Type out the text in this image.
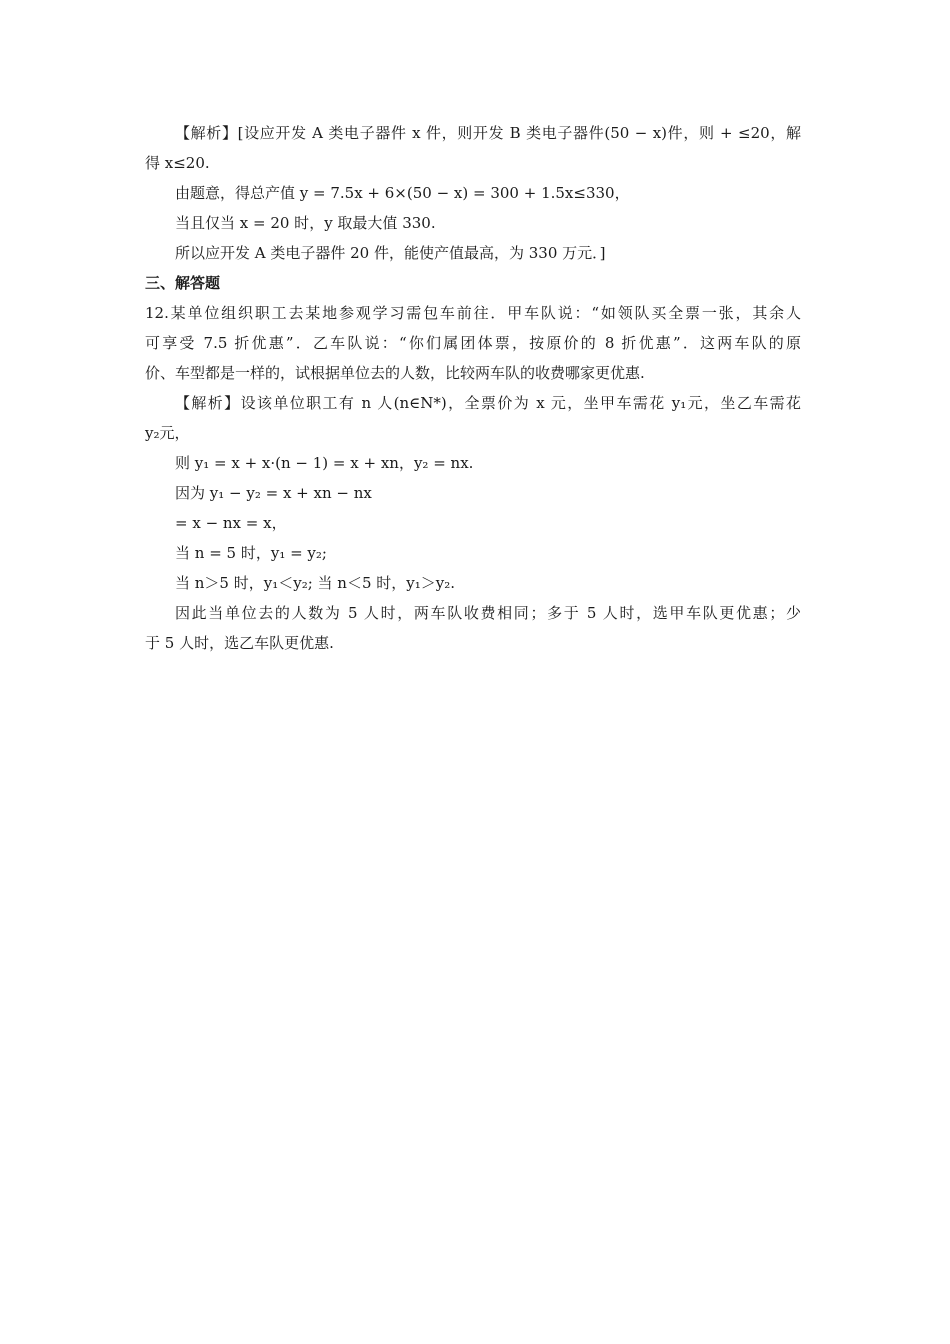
【解析】[设应开发 A 类电子器件 x 件，则开发 B 类电子器件(50 − x)件，则 + ≤20，解
得 x≤20.
由题意，得总产值 y = 7.5x + 6×(50 − x) = 300 + 1.5x≤330，
当且仅当 x = 20 时，y 取最大值 330.
所以应开发 A 类电子器件 20 件，能使产值最高，为 330 万元．]
三、解答题
12.某单位组织职工去某地参观学习需包车前往．甲车队说：“如领队买全票一张，其余人
可享受 7.5 折优惠”．乙车队说：“你们属团体票，按原价的 8 折优惠”．这两车队的原
价、车型都是一样的，试根据单位去的人数，比较两车队的收费哪家更优惠.
【解析】设该单位职工有 n 人(n∈N*)，全票价为 x 元，坐甲车需花 y₁元，坐乙车需花
y₂元，
则 y₁ = x + x·(n − 1) = x + xn，y₂ = nx.
因为 y₁ − y₂ = x + xn − nx
= x − nx = x，
当 n = 5 时，y₁ = y₂;
当 n＞5 时，y₁＜y₂; 当 n＜5 时，y₁＞y₂.
因此当单位去的人数为 5 人时，两车队收费相同；多于 5 人时，选甲车队更优惠；少
于 5 人时，选乙车队更优惠.
